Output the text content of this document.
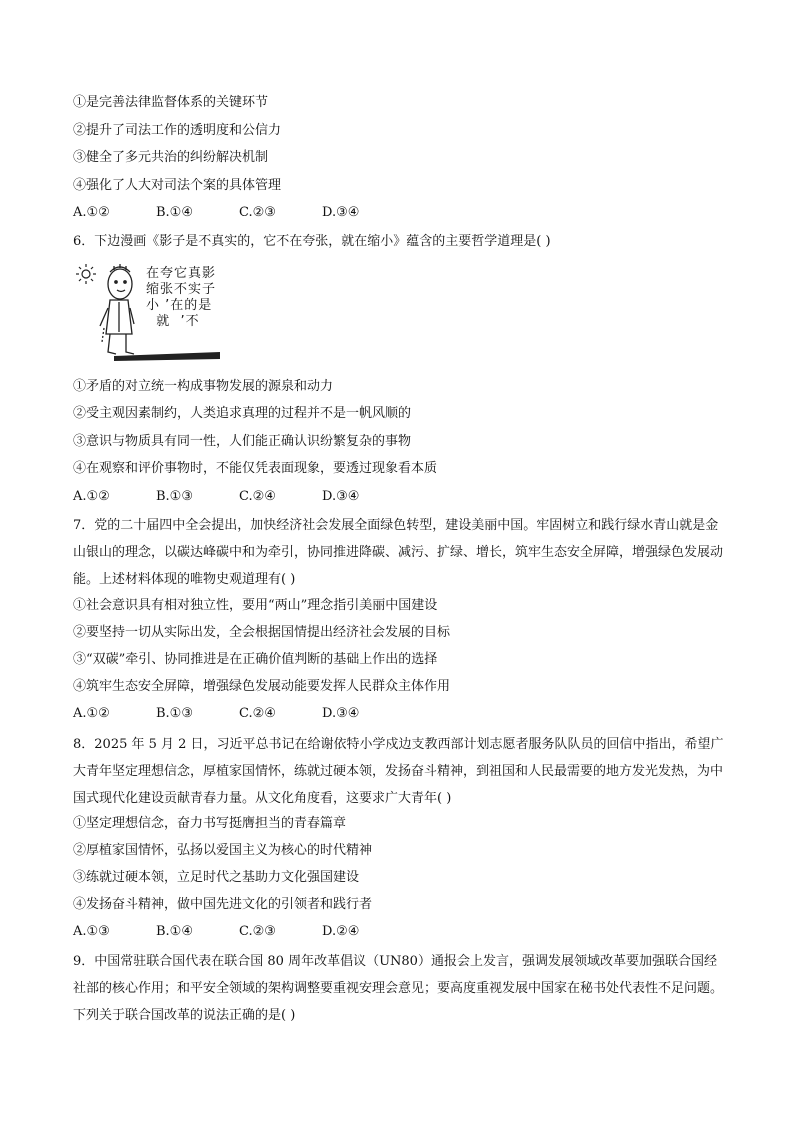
①是完善法律监督体系的关键环节
②提升了司法工作的透明度和公信力
③健全了多元共治的纠纷解决机制
④强化了人大对司法个案的具体管理
A.①②	B.①④	C.②③	D.③④
6．下边漫画《影子是不真实的，它不在夸张，就在缩小》蕴含的主要哲学道理是( )
在夸它真影
缩张不实子
小 ’在的是
就  ’不
①矛盾的对立统一构成事物发展的源泉和动力
②受主观因素制约，人类追求真理的过程并不是一帆风顺的
③意识与物质具有同一性，人们能正确认识纷繁复杂的事物
④在观察和评价事物时，不能仅凭表面现象，要透过现象看本质
A.①②	B.①③	C.②④	D.③④
7．党的二十届四中全会提出，加快经济社会发展全面绿色转型，建设美丽中国。牢固树立和践行绿水青山就是金山银山的理念，以碳达峰碳中和为牵引，协同推进降碳、减污、扩绿、增长，筑牢生态安全屏障，增强绿色发展动能。上述材料体现的唯物史观道理有( )
①社会意识具有相对独立性，要用“两山”理念指引美丽中国建设
②要坚持一切从实际出发，全会根据国情提出经济社会发展的目标
③“双碳”牵引、协同推进是在正确价值判断的基础上作出的选择
④筑牢生态安全屏障，增强绿色发展动能要发挥人民群众主体作用
A.①②	B.①③	C.②④	D.③④
8．2025 年 5 月 2 日，习近平总书记在给谢依特小学戍边支教西部计划志愿者服务队队员的回信中指出，希望广大青年坚定理想信念，厚植家国情怀，练就过硬本领，发扬奋斗精神，到祖国和人民最需要的地方发光发热，为中国式现代化建设贡献青春力量。从文化角度看，这要求广大青年( )
①坚定理想信念，奋力书写挺膺担当的青春篇章
②厚植家国情怀，弘扬以爱国主义为核心的时代精神
③练就过硬本领，立足时代之基助力文化强国建设
④发扬奋斗精神，做中国先进文化的引领者和践行者
A.①③	B.①④	C.②③	D.②④
9．中国常驻联合国代表在联合国 80 周年改革倡议（UN80）通报会上发言，强调发展领域改革要加强联合国经社部的核心作用；和平安全领域的架构调整要重视安理会意见；要高度重视发展中国家在秘书处代表性不足问题。下列关于联合国改革的说法正确的是( )
